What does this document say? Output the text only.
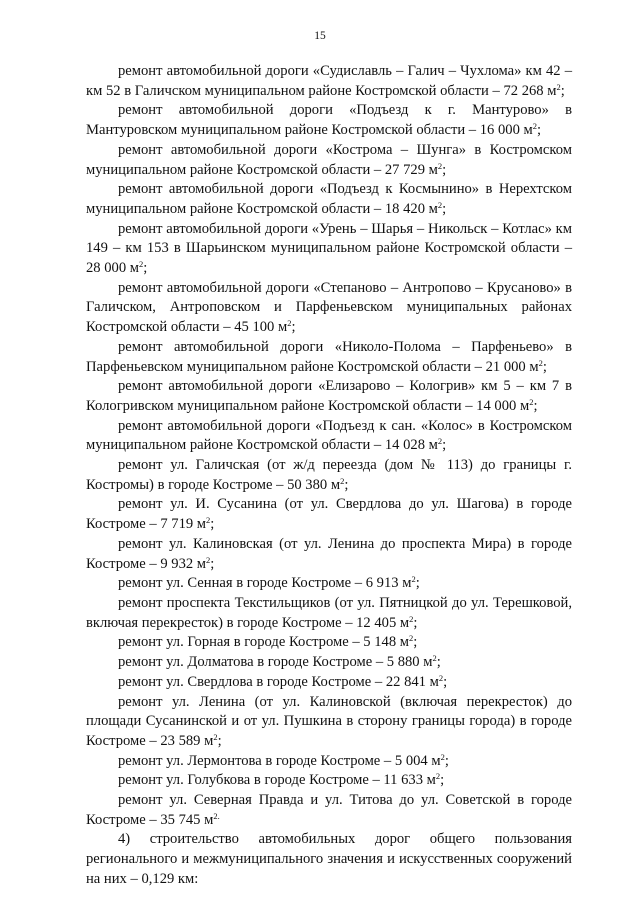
15

ремонт автомобильной дороги «Судиславль – Галич – Чухлома» км 42 – км 52 в Галичском муниципальном районе Костромской области – 72 268 $м^2$;

ремонт автомобильной дороги «Подъезд к г. Мантурово» в Мантуровском муниципальном районе Костромской области – 16 000 $м^2$;

ремонт автомобильной дороги «Кострома – Шунга» в Костромском муниципальном районе Костромской области – 27 729 $м^2$;

ремонт автомобильной дороги «Подъезд к Космынино» в Нерехтском муниципальном районе Костромской области – 18 420 $м^2$;

ремонт автомобильной дороги «Урень – Шарья – Никольск – Котлас» км 149 – км 153 в Шарьинском муниципальном районе Костромской области – 28 000 $м^2$;

ремонт автомобильной дороги «Степаново – Антропово – Крусаново» в Галичском, Антроповском и Парфеньевском муниципальных районах Костромской области – 45 100 $м^2$;

ремонт автомобильной дороги «Николо-Полома – Парфеньево» в Парфеньевском муниципальном районе Костромской области – 21 000 $м^2$;

ремонт автомобильной дороги «Елизарово – Кологрив» км 5 – км 7 в Кологривском муниципальном районе Костромской области – 14 000 $м^2$;

ремонт автомобильной дороги «Подъезд к сан. «Колос» в Костромском муниципальном районе Костромской области – 14 028 $м^2$;

ремонт ул. Галичская (от ж/д переезда (дом № 113) до границы г. Костромы) в городе Костроме – 50 380 $м^2$;

ремонт ул. И. Сусанина (от ул. Свердлова до ул. Шагова) в городе Костроме – 7 719 $м^2$;

ремонт ул. Калиновская (от ул. Ленина до проспекта Мира) в городе Костроме – 9 932 $м^2$;

ремонт ул. Сенная в городе Костроме – 6 913 $м^2$;

ремонт проспекта Текстильщиков (от ул. Пятницкой до ул. Терешковой, включая перекресток) в городе Костроме – 12 405 $м^2$;

ремонт ул. Горная в городе Костроме – 5 148 $м^2$;

ремонт ул. Долматова в городе Костроме – 5 880 $м^2$;

ремонт ул. Свердлова в городе Костроме – 22 841 $м^2$;

ремонт ул. Ленина (от ул. Калиновской (включая перекресток) до площади Сусанинской и от ул. Пушкина в сторону границы города) в городе Костроме – 23 589 $м^2$;

ремонт ул. Лермонтова в городе Костроме – 5 004 $м^2$;

ремонт ул. Голубкова в городе Костроме – 11 633 $м^2$;

ремонт ул. Северная Правда и ул. Титова до ул. Советской в городе Костроме – 35 745 $м^{2.}$

4) строительство автомобильных дорог общего пользования регионального и межмуниципального значения и искусственных сооружений на них – 0,129 км:
